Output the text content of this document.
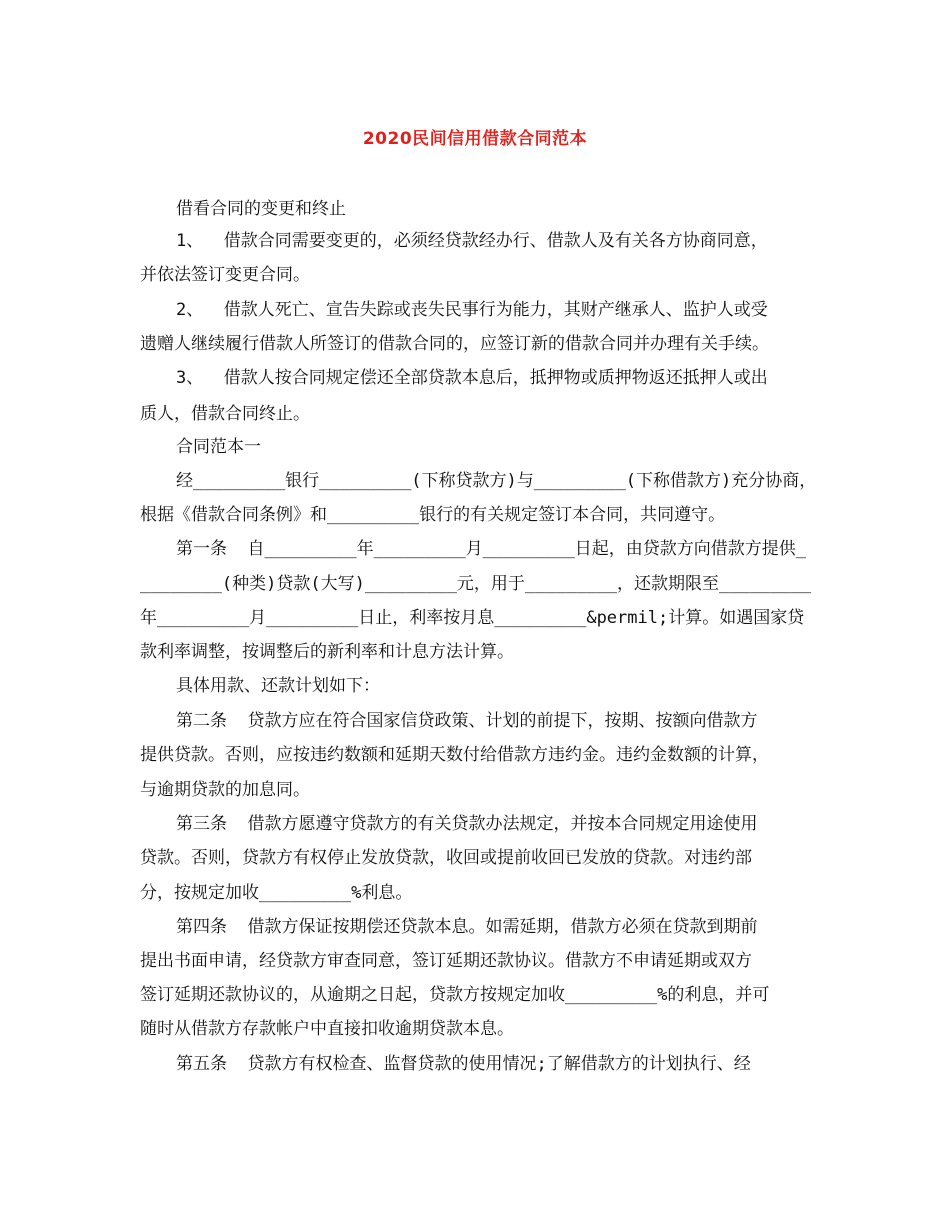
2020民间信用借款合同范本

借看合同的变更和终止

1、  借款合同需要变更的，必须经贷款经办行、借款人及有关各方协商同意，

并依法签订变更合同。

2、  借款人死亡、宣告失踪或丧失民事行为能力，其财产继承人、监护人或受

遗赠人继续履行借款人所签订的借款合同的，应签订新的借款合同并办理有关手续。

3、  借款人按合同规定偿还全部贷款本息后，抵押物或质押物返还抵押人或出

质人，借款合同终止。

合同范本一

经_________银行_________(下称贷款方)与_________(下称借款方)充分协商，

根据《借款合同条例》和_________银行的有关规定签订本合同，共同遵守。

第一条  自_________年_________月_________日起，由贷款方向借款方提供_

________(种类)贷款(大写)_________元，用于_________，还款期限至_________

年_________月_________日止，利率按月息_________&permil;计算。如遇国家贷

款利率调整，按调整后的新利率和计息方法计算。

具体用款、还款计划如下：

第二条  贷款方应在符合国家信贷政策、计划的前提下，按期、按额向借款方

提供贷款。否则，应按违约数额和延期天数付给借款方违约金。违约金数额的计算，

与逾期贷款的加息同。

第三条  借款方愿遵守贷款方的有关贷款办法规定，并按本合同规定用途使用

贷款。否则，贷款方有权停止发放贷款，收回或提前收回已发放的贷款。对违约部

分，按规定加收_________%利息。

第四条  借款方保证按期偿还贷款本息。如需延期，借款方必须在贷款到期前

提出书面申请，经贷款方审查同意，签订延期还款协议。借款方不申请延期或双方

签订延期还款协议的，从逾期之日起，贷款方按规定加收_________%的利息，并可

随时从借款方存款帐户中直接扣收逾期贷款本息。

第五条  贷款方有权检查、监督贷款的使用情况;了解借款方的计划执行、经
